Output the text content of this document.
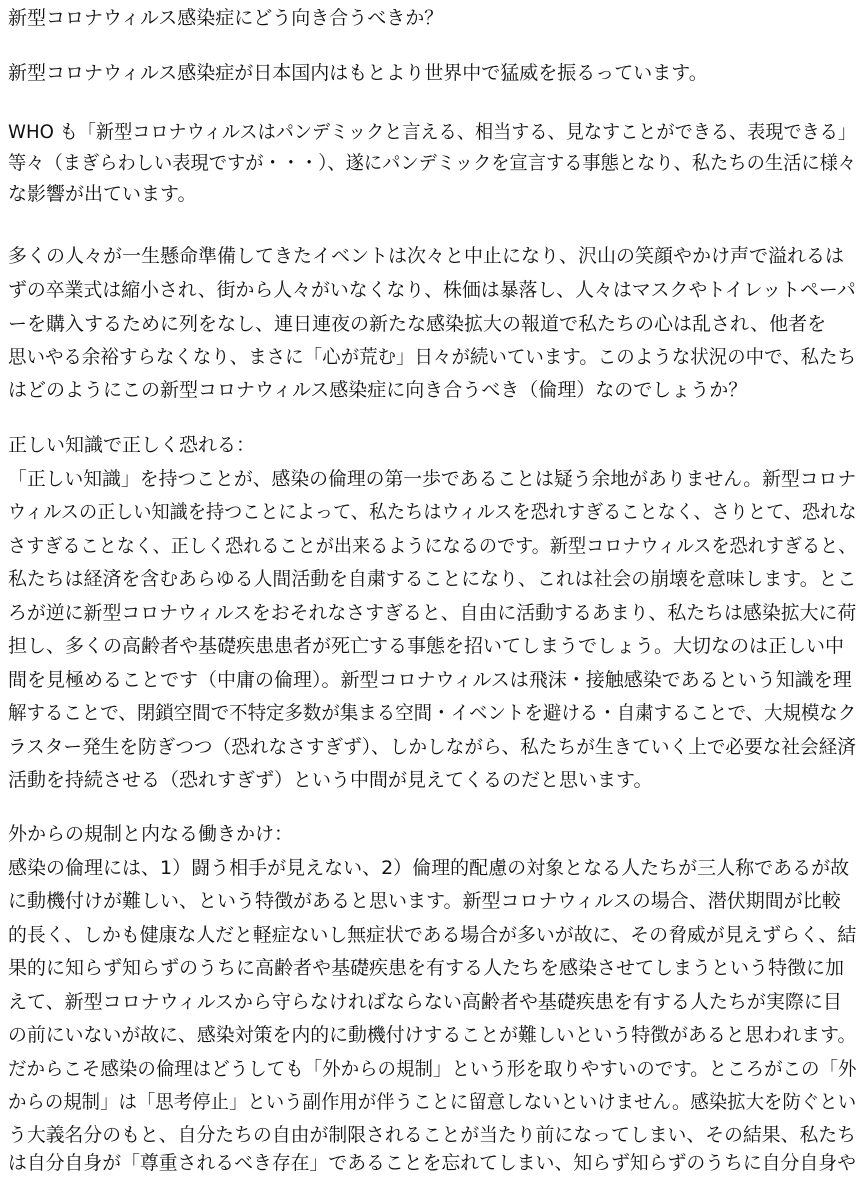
新型コロナウィルス感染症にどう向き合うべきか？
新型コロナウィルス感染症が日本国内はもとより世界中で猛威を振るっています。
WHO も「新型コロナウィルスはパンデミックと言える、相当する、見なすことができる、表現できる」
等々（まぎらわしい表現ですが・・・）、遂にパンデミックを宣言する事態となり、私たちの生活に様々
な影響が出ています。
多くの人々が一生懸命準備してきたイベントは次々と中止になり、沢山の笑顔やかけ声で溢れるは
ずの卒業式は縮小され、街から人々がいなくなり、株価は暴落し、人々はマスクやトイレットペーパ
ーを購入するために列をなし、連日連夜の新たな感染拡大の報道で私たちの心は乱され、他者を
思いやる余裕すらなくなり、まさに「心が荒む」日々が続いています。このような状況の中で、私たち
はどのようにこの新型コロナウィルス感染症に向き合うべき（倫理）なのでしょうか？
正しい知識で正しく恐れる：
「正しい知識」を持つことが、感染の倫理の第一歩であることは疑う余地がありません。新型コロナ
ウィルスの正しい知識を持つことによって、私たちはウィルスを恐れすぎることなく、さりとて、恐れな
さすぎることなく、正しく恐れることが出来るようになるのです。新型コロナウィルスを恐れすぎると、
私たちは経済を含むあらゆる人間活動を自粛することになり、これは社会の崩壊を意味します。とこ
ろが逆に新型コロナウィルスをおそれなさすぎると、自由に活動するあまり、私たちは感染拡大に荷
担し、多くの高齢者や基礎疾患患者が死亡する事態を招いてしまうでしょう。大切なのは正しい中
間を見極めることです（中庸の倫理）。新型コロナウィルスは飛沫・接触感染であるという知識を理
解することで、閉鎖空間で不特定多数が集まる空間・イベントを避ける・自粛することで、大規模なク
ラスター発生を防ぎつつ（恐れなさすぎず）、しかしながら、私たちが生きていく上で必要な社会経済
活動を持続させる（恐れすぎず）という中間が見えてくるのだと思います。
外からの規制と内なる働きかけ：
感染の倫理には、1）闘う相手が見えない、2）倫理的配慮の対象となる人たちが三人称であるが故
に動機付けが難しい、という特徴があると思います。新型コロナウィルスの場合、潜伏期間が比較
的長く、しかも健康な人だと軽症ないし無症状である場合が多いが故に、その脅威が見えずらく、結
果的に知らず知らずのうちに高齢者や基礎疾患を有する人たちを感染させてしまうという特徴に加
えて、新型コロナウィルスから守らなければならない高齢者や基礎疾患を有する人たちが実際に目
の前にいないが故に、感染対策を内的に動機付けすることが難しいという特徴があると思われます。
だからこそ感染の倫理はどうしても「外からの規制」という形を取りやすいのです。ところがこの「外
からの規制」は「思考停止」という副作用が伴うことに留意しないといけません。感染拡大を防ぐとい
う大義名分のもと、自分たちの自由が制限されることが当たり前になってしまい、その結果、私たち
は自分自身が「尊重されるべき存在」であることを忘れてしまい、知らず知らずのうちに自分自身や
